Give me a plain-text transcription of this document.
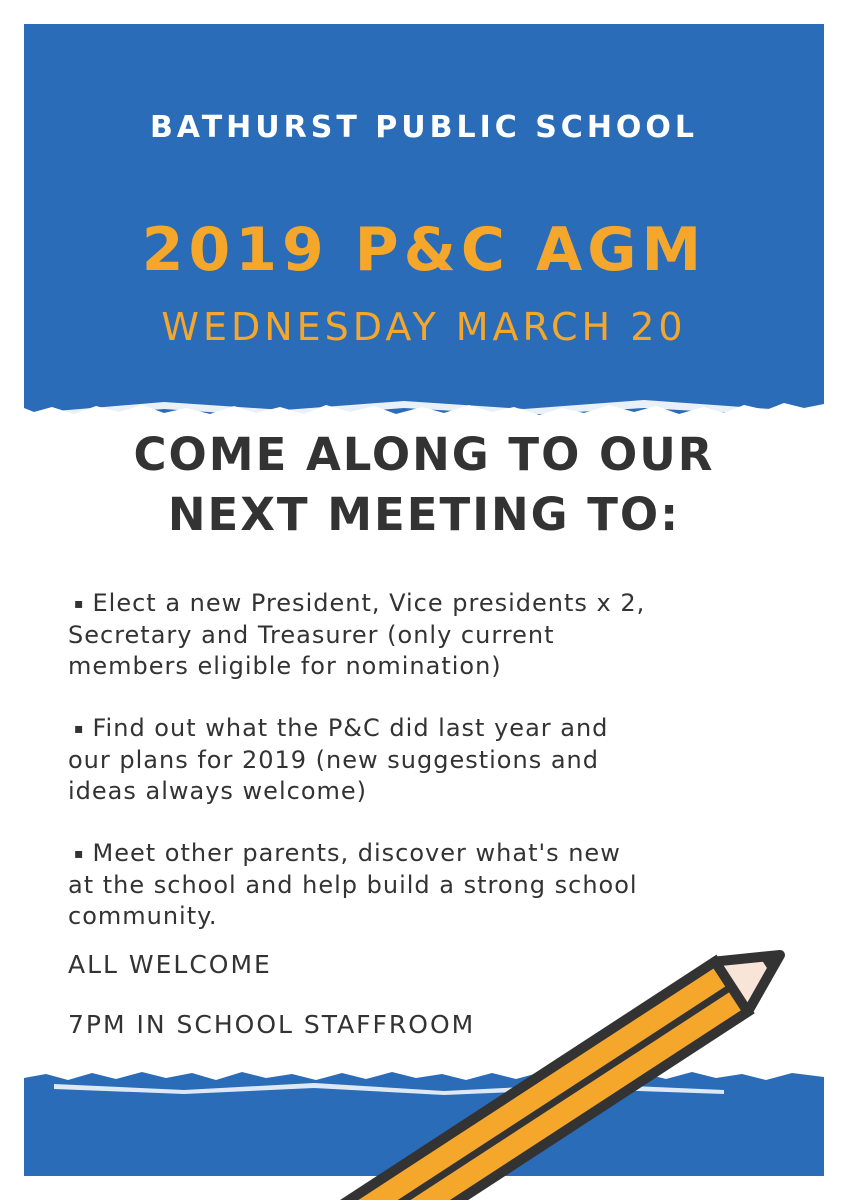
BATHURST PUBLIC SCHOOL
2019 P&C AGM
WEDNESDAY MARCH 20
COME ALONG TO OUR
NEXT MEETING TO:
▪ Elect a new President, Vice presidents x 2,
Secretary and Treasurer (only current
members eligible for nomination)
▪ Find out what the P&C did last year and
our plans for 2019 (new suggestions and
ideas always welcome)
▪ Meet other parents, discover what's new
at the school and help build a strong school
community.
ALL WELCOME
7PM IN SCHOOL STAFFROOM
